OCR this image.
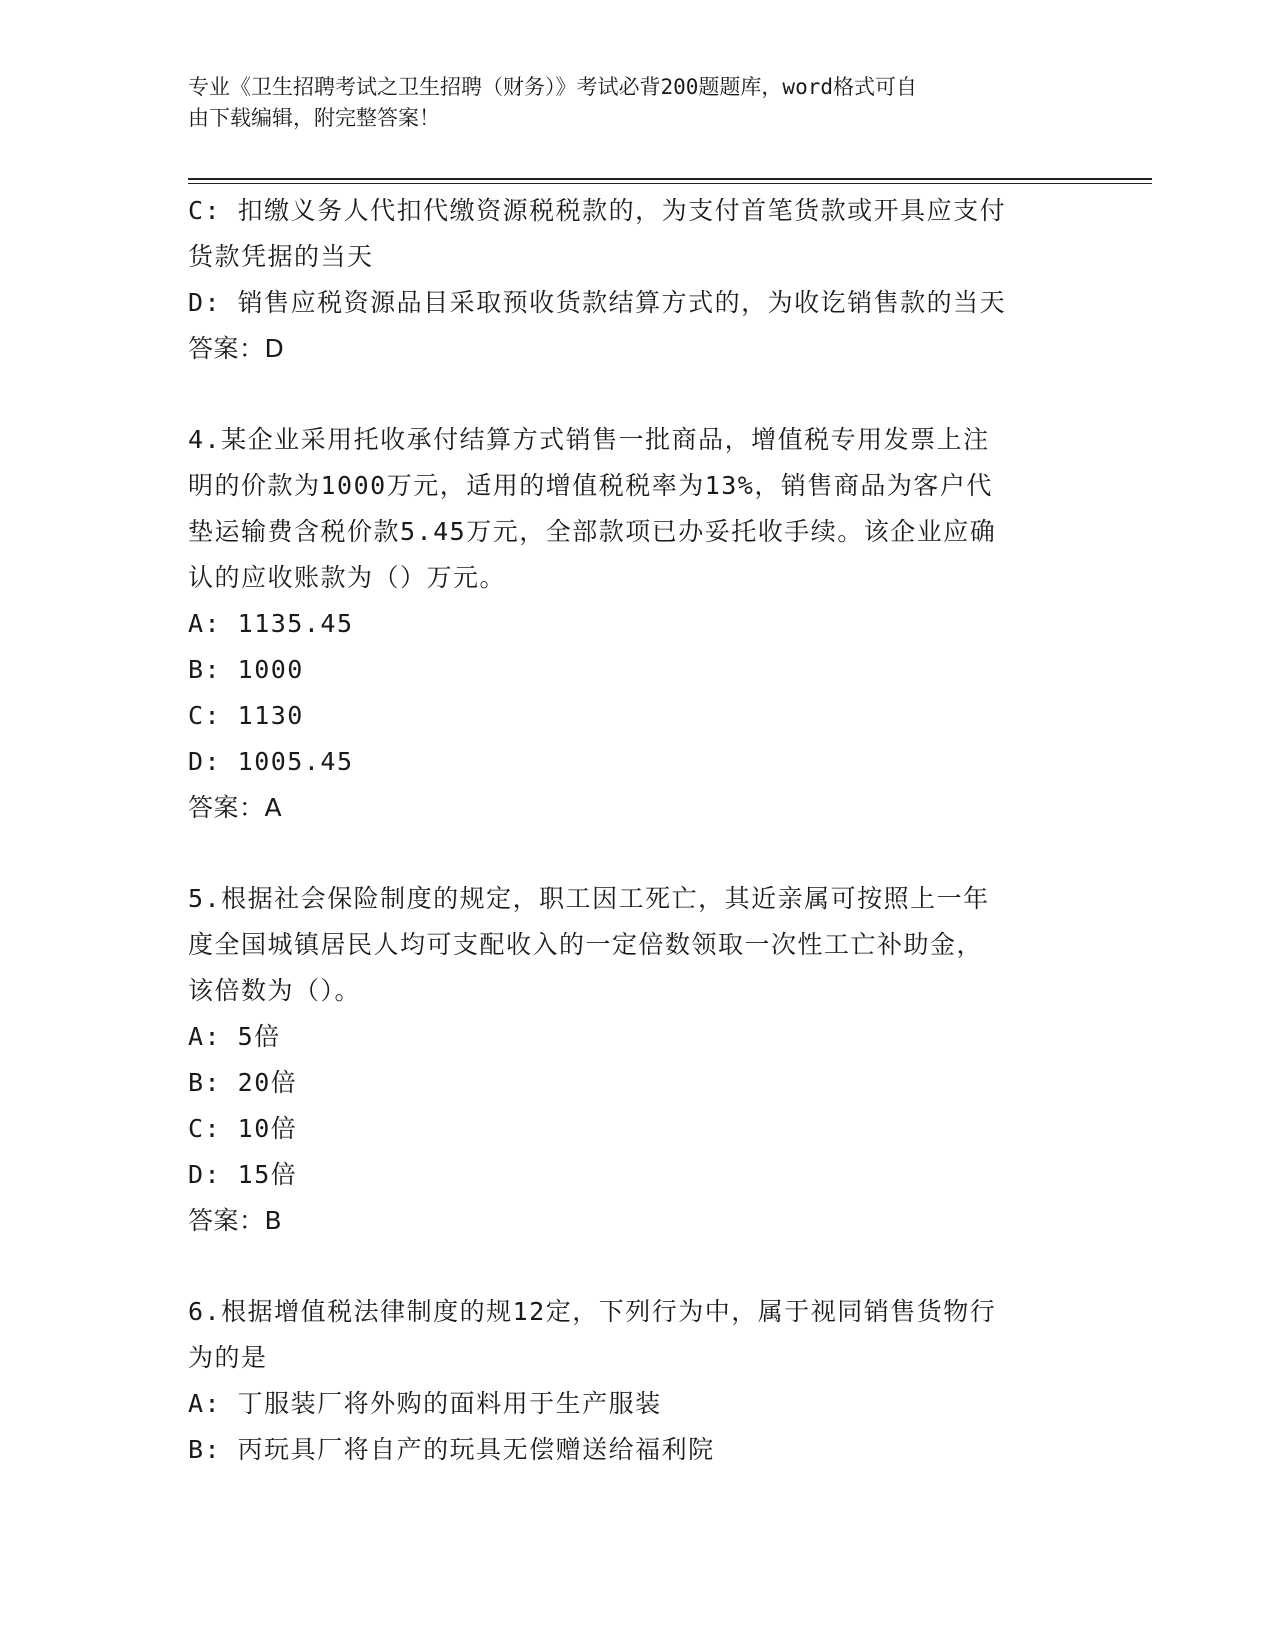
专业《卫生招聘考试之卫生招聘（财务）》考试必背200题题库，word格式可自
由下载编辑，附完整答案！

C: 扣缴义务人代扣代缴资源税税款的，为支付首笔货款或开具应支付

货款凭据的当天

D: 销售应税资源品目采取预收货款结算方式的，为收讫销售款的当天

答案：D

4.某企业采用托收承付结算方式销售一批商品，增值税专用发票上注

明的价款为1000万元，适用的增值税税率为13%，销售商品为客户代

垫运输费含税价款5.45万元，全部款项已办妥托收手续。该企业应确

认的应收账款为（）万元。

A: 1135.45

B: 1000

C: 1130

D: 1005.45

答案：A

5.根据社会保险制度的规定，职工因工死亡，其近亲属可按照上一年

度全国城镇居民人均可支配收入的一定倍数领取一次性工亡补助金，

该倍数为（）。

A: 5倍

B: 20倍

C: 10倍

D: 15倍

答案：B

6.根据增值税法律制度的规12定，下列行为中，属于视同销售货物行

为的是

A: 丁服装厂将外购的面料用于生产服装

B: 丙玩具厂将自产的玩具无偿赠送给福利院
